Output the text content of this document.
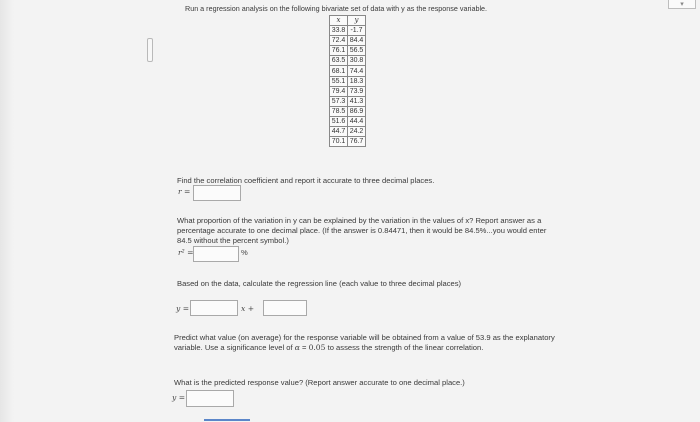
▾
Run a regression analysis on the following bivariate set of data with y as the response variable.
x	y
33.8	-1.7
72.4	84.4
76.1	56.5
63.5	30.8
68.1	74.4
55.1	18.3
79.4	73.9
57.3	41.3
78.5	86.9
51.6	44.4
44.7	24.2
70.1	76.7
Find the correlation coefficient and report it accurate to three decimal places.
r =
What proportion of the variation in y can be explained by the variation in the values of x? Report answer as a percentage accurate to one decimal place. (If the answer is 0.84471, then it would be 84.5%...you would enter 84.5 without the percent symbol.)
r² =	%
Based on the data, calculate the regression line (each value to three decimal places)
y =	x +
Predict what value (on average) for the response variable will be obtained from a value of 53.9 as the explanatory variable. Use a significance level of α = 0.05 to assess the strength of the linear correlation.
What is the predicted response value? (Report answer accurate to one decimal place.)
y =
